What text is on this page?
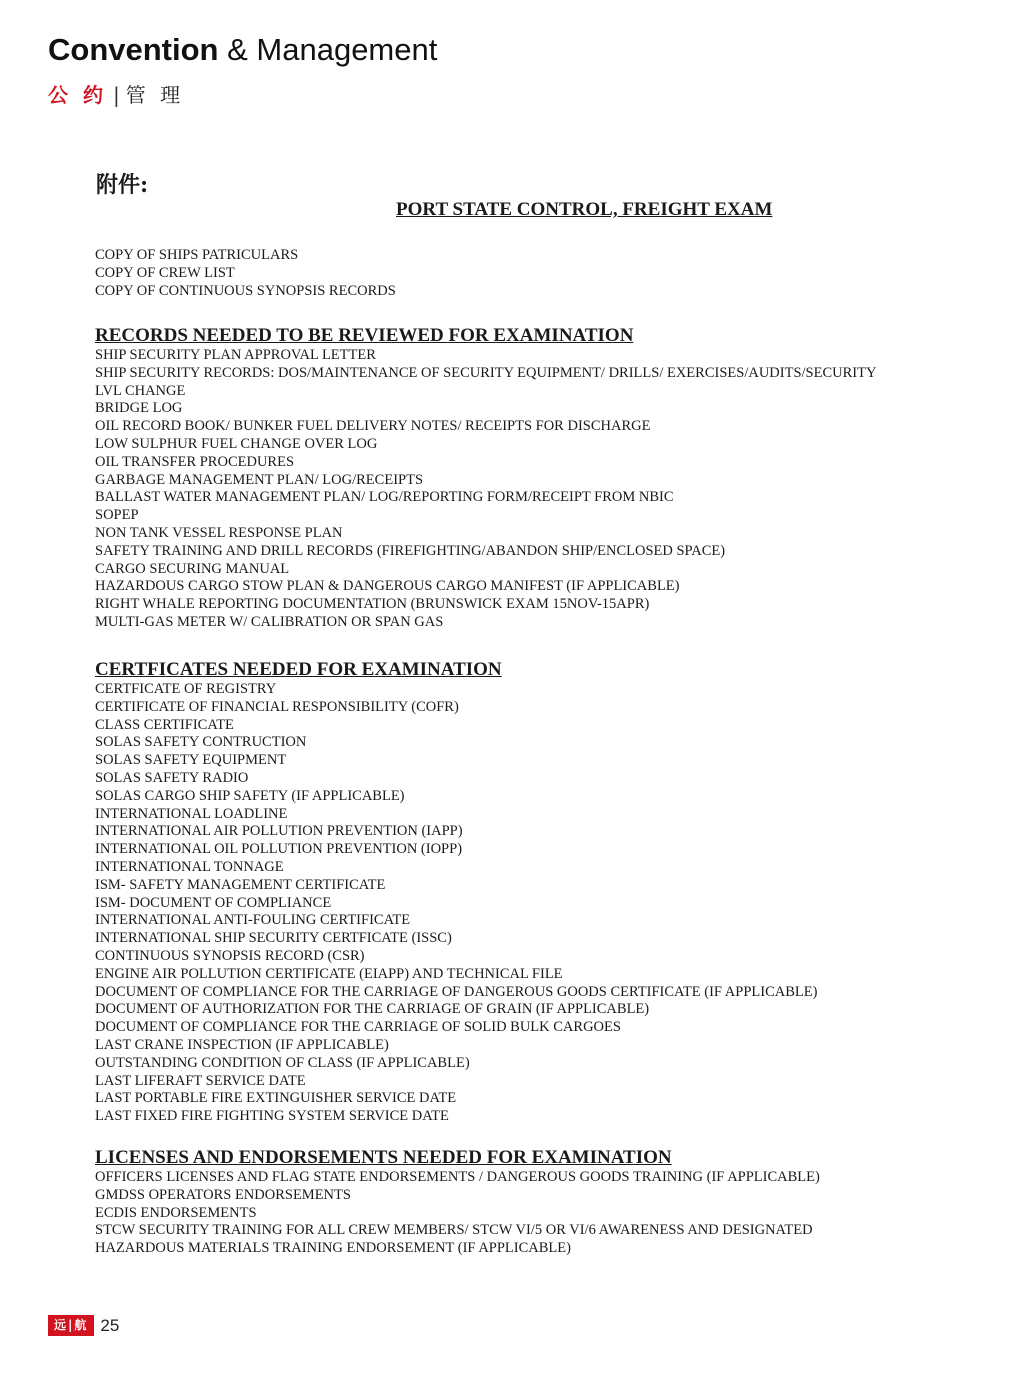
Convention & Management
公 约 | 管 理
附件:
PORT STATE CONTROL, FREIGHT EXAM
COPY OF SHIPS PATRICULARS
COPY OF CREW LIST
COPY OF CONTINUOUS SYNOPSIS RECORDS
RECORDS NEEDED TO BE REVIEWED FOR EXAMINATION
SHIP SECURITY PLAN APPROVAL LETTER
SHIP SECURITY RECORDS: DOS/MAINTENANCE OF SECURITY EQUIPMENT/ DRILLS/ EXERCISES/AUDITS/SECURITY
LVL CHANGE
BRIDGE LOG
OIL RECORD BOOK/ BUNKER FUEL DELIVERY NOTES/ RECEIPTS FOR DISCHARGE
LOW SULPHUR FUEL CHANGE OVER LOG
OIL TRANSFER PROCEDURES
GARBAGE MANAGEMENT PLAN/ LOG/RECEIPTS
BALLAST WATER MANAGEMENT PLAN/ LOG/REPORTING FORM/RECEIPT FROM NBIC
SOPEP
NON TANK VESSEL RESPONSE PLAN
SAFETY TRAINING AND DRILL RECORDS (FIREFIGHTING/ABANDON SHIP/ENCLOSED SPACE)
CARGO SECURING MANUAL
HAZARDOUS CARGO STOW PLAN & DANGEROUS CARGO MANIFEST (IF APPLICABLE)
RIGHT WHALE REPORTING DOCUMENTATION (BRUNSWICK EXAM 15NOV-15APR)
MULTI-GAS METER W/ CALIBRATION OR SPAN GAS
CERTFICATES NEEDED FOR EXAMINATION
CERTFICATE OF REGISTRY
CERTIFICATE OF FINANCIAL RESPONSIBILITY (COFR)
CLASS CERTIFICATE
SOLAS SAFETY CONTRUCTION
SOLAS SAFETY EQUIPMENT
SOLAS SAFETY RADIO
SOLAS CARGO SHIP SAFETY (IF APPLICABLE)
INTERNATIONAL LOADLINE
INTERNATIONAL AIR POLLUTION PREVENTION (IAPP)
INTERNATIONAL OIL POLLUTION PREVENTION (IOPP)
INTERNATIONAL TONNAGE
ISM- SAFETY MANAGEMENT CERTIFICATE
ISM- DOCUMENT OF COMPLIANCE
INTERNATIONAL ANTI-FOULING CERTIFICATE
INTERNATIONAL SHIP SECURITY CERTFICATE (ISSC)
CONTINUOUS SYNOPSIS RECORD (CSR)
ENGINE AIR POLLUTION CERTIFICATE (EIAPP) AND TECHNICAL FILE
DOCUMENT OF COMPLIANCE FOR THE CARRIAGE OF DANGEROUS GOODS CERTIFICATE (IF APPLICABLE)
DOCUMENT OF AUTHORIZATION FOR THE CARRIAGE OF GRAIN (IF APPLICABLE)
DOCUMENT OF COMPLIANCE FOR THE CARRIAGE OF SOLID BULK CARGOES
LAST CRANE INSPECTION (IF APPLICABLE)
OUTSTANDING CONDITION OF CLASS (IF APPLICABLE)
LAST LIFERAFT SERVICE DATE
LAST PORTABLE FIRE EXTINGUISHER SERVICE DATE
LAST FIXED FIRE FIGHTING SYSTEM SERVICE DATE
LICENSES AND ENDORSEMENTS NEEDED FOR EXAMINATION
OFFICERS LICENSES AND FLAG STATE ENDORSEMENTS / DANGEROUS GOODS TRAINING (IF APPLICABLE)
GMDSS OPERATORS ENDORSEMENTS
ECDIS ENDORSEMENTS
STCW SECURITY TRAINING FOR ALL CREW MEMBERS/ STCW VI/5 OR VI/6 AWARENESS AND DESIGNATED
HAZARDOUS MATERIALS TRAINING ENDORSEMENT (IF APPLICABLE)
远|航 25
